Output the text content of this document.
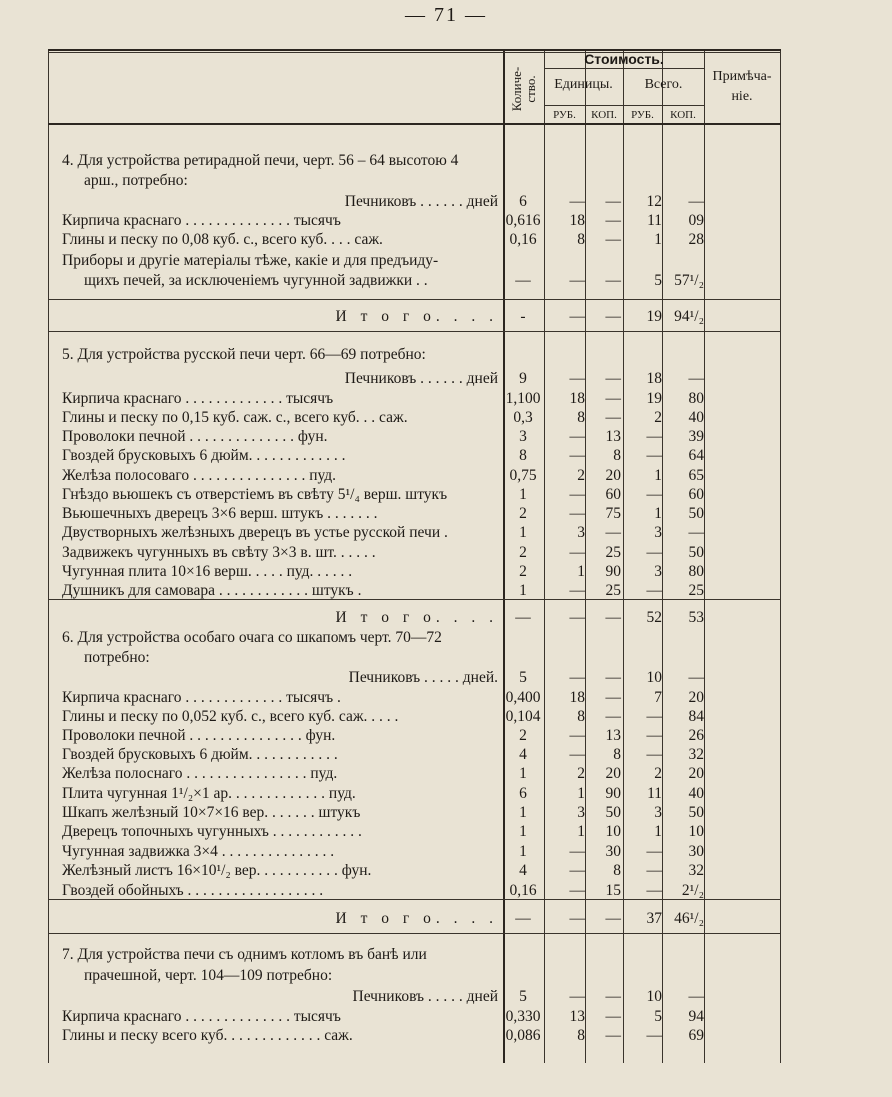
— 71 —
Количе-ство.
Стоимость.
Единицы.	Всего.
Примѣча-ніе.
РУБ.	КОП.	РУБ.	КОП.
4. Для устройства ретирадной печи, черт. 56 – 64 высотою 4
арш., потребно:
Печниковъ . . . . . . дней	6	—	—	12	—
Кирпича краснаго . . . . . . . . . . . . . . тысячъ	0,616	18	—	11	09
Глины и песку по 0,08 куб. с., всего куб. . . . саж.	0,16	8	—	1	28
Приборы и другіе матеріалы тѣже, какіе и для предъиду-
щихъ печей, за исключеніемъ чугунной задвижки . .	—	—	—	5 57¹/₂
И т о г о. . . .	-	—	—	19 94¹/₂
5. Для устройства русской печи черт. 66—69 потребно:
Печниковъ . . . . . . дней	9	—	—	18	—
Кирпича краснаго . . . . . . . . . . . . . тысячъ	1,100	18	—	19	80
Глины и песку по 0,15 куб. саж. с., всего куб. . . саж.	0,3	8	—	2	40
Проволоки печной . . . . . . . . . . . . . . фун.	3	—	13	—	39
Гвоздей брусковыхъ 6 дюйм. . . . . . . . . . . . .	8	—	8	—	64
Желѣза полосоваго . . . . . . . . . . . . . . . пуд.	0,75	2	20	1	65
Гнѣздо вьюшекъ съ отверстіемъ въ свѣту 5¹/₄ верш. штукъ	1	—	60	—	60
Вьюшечныхъ дверецъ 3×6 верш. штукъ . . . . . . .	2	—	75	1	50
Двустворныхъ желѣзныхъ дверецъ въ устье русской печи .	1	3	—	3	—
Задвижекъ чугунныхъ въ свѣту 3×3 в. шт. . . . . .	2	—	25	—	50
Чугунная плита 10×16 верш. . . . . пуд. . . . . .	2	1	90	3	80
Душникъ для самовара . . . . . . . . . . . . штукъ .	1	—	25	—	25
И т о г о. . . .	—	—	—	52	53
6. Для устройства особаго очага со шкапомъ черт. 70—72
потребно:
Печниковъ . . . . . дней.	5	—	—	10	—
Кирпича краснаго . . . . . . . . . . . . . тысячъ .	0,400	18	—	7	20
Глины и песку по 0,052 куб. с., всего куб. саж. . . . .	0,104	8	—	—	84
Проволоки печной . . . . . . . . . . . . . . . фун.	2	—	13	—	26
Гвоздей брусковыхъ 6 дюйм. . . . . . . . . . . .	4	—	8	—	32
Желѣза полоснаго . . . . . . . . . . . . . . . . пуд.	1	2	20	2	20
Плита чугунная 1¹/₂×1 ар. . . . . . . . . . . . . пуд.	6	1	90	11	40
Шкапъ желѣзный 10×7×16 вер. . . . . . . штукъ	1	3	50	3	50
Дверецъ топочныхъ чугунныхъ . . . . . . . . . . . .	1	1	10	1	10
Чугунная задвижка 3×4 . . . . . . . . . . . . . . .	1	—	30	—	30
Желѣзный листъ 16×10¹/₂ вер. . . . . . . . . . . фун.	4	—	8	—	32
Гвоздей обойныхъ . . . . . . . . . . . . . . . . . .	0,16	—	15	—	2¹/₂
И т о г о. . . .	—	—	—	37 46¹/₂
7. Для устройства печи съ однимъ котломъ въ банѣ или
прачешной, черт. 104—109 потребно:
Печниковъ . . . . . дней	5	—	—	10	—
Кирпича краснаго . . . . . . . . . . . . . . тысячъ	0,330	13	—	5	94
Глины и песку всего куб. . . . . . . . . . . . . саж.	0,086	8	—	—	69
